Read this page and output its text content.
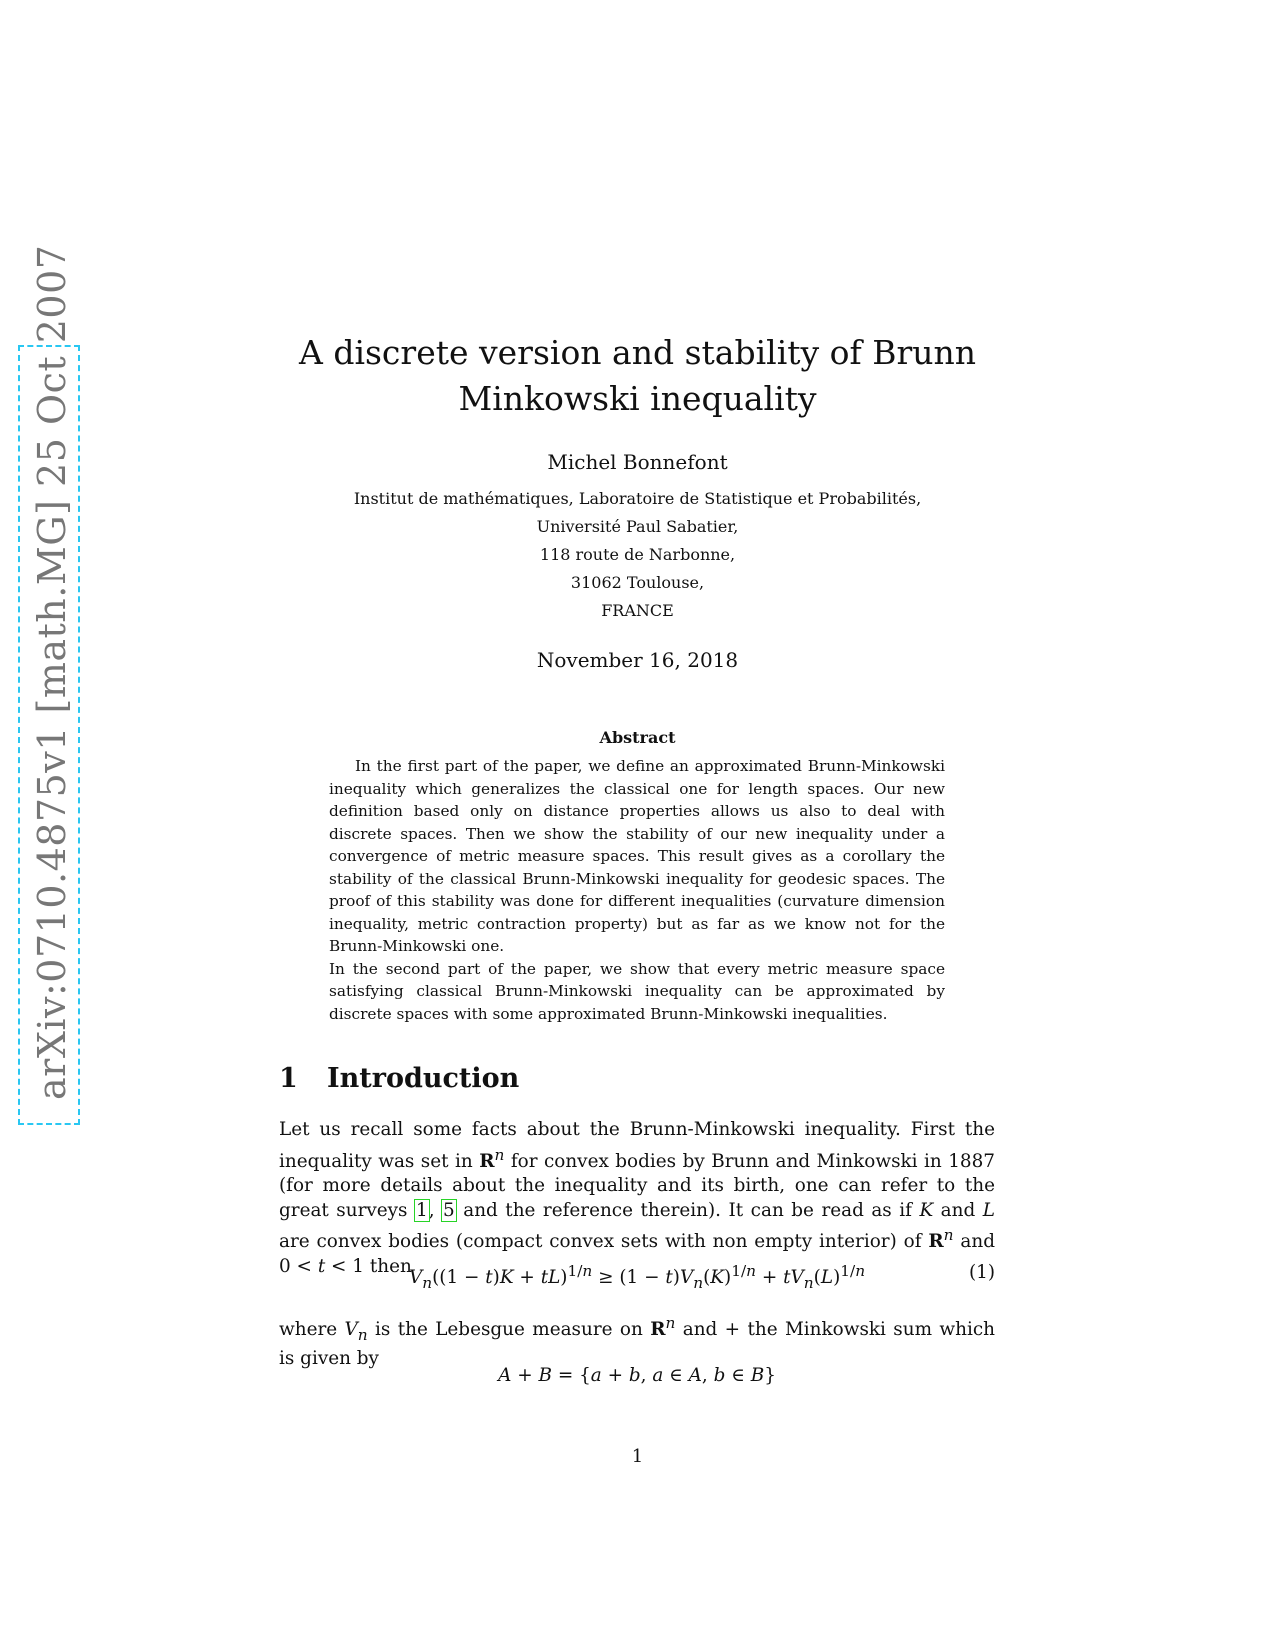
arXiv:0710.4875v1 [math.MG] 25 Oct 2007	A discrete version and stability of Brunn
Minkowski inequality
Michel Bonnefont
Institut de mathématiques, Laboratoire de Statistique et Probabilités,
Université Paul Sabatier,
118 route de Narbonne,
31062 Toulouse,
FRANCE
November 16, 2018
Abstract

In the first part of the paper, we define an approximated Brunn-Minkowski inequality which generalizes the classical one for length spaces. Our new definition based only on distance properties allows us also to deal with discrete spaces. Then we show the stability of our new inequality under a convergence of metric measure spaces. This result gives as a corollary the stability of the classical Brunn-Minkowski inequality for geodesic spaces. The proof of this stability was done for different inequalities (curvature dimension inequality, metric contraction property) but as far as we know not for the Brunn-Minkowski one.

In the second part of the paper, we show that every metric measure space satisfying classical Brunn-Minkowski inequality can be approximated by discrete spaces with some approximated Brunn-Minkowski inequalities.

1 Introduction

Let us recall some facts about the Brunn-Minkowski inequality. First the inequality was set in $R^n$ for convex bodies by Brunn and Minkowski in 1887 (for more details about the inequality and its birth, one can refer to the great surveys 1, 5 and the reference therein). It can be read as if K and L are convex bodies (compact convex sets with non empty interior) of $R^n$ and 0 < t < 1 then

$V_n((1 - t)K + tL)^{1/n} \ge (1 - t)V_n(K)^{1/n} + tV_n(L)^{1/n}$	(1)

where $V_n$ is the Lebesgue measure on $R^n$ and + the Minkowski sum which is given by

A + B = {a + b, a ∈ A, b ∈ B}
1
